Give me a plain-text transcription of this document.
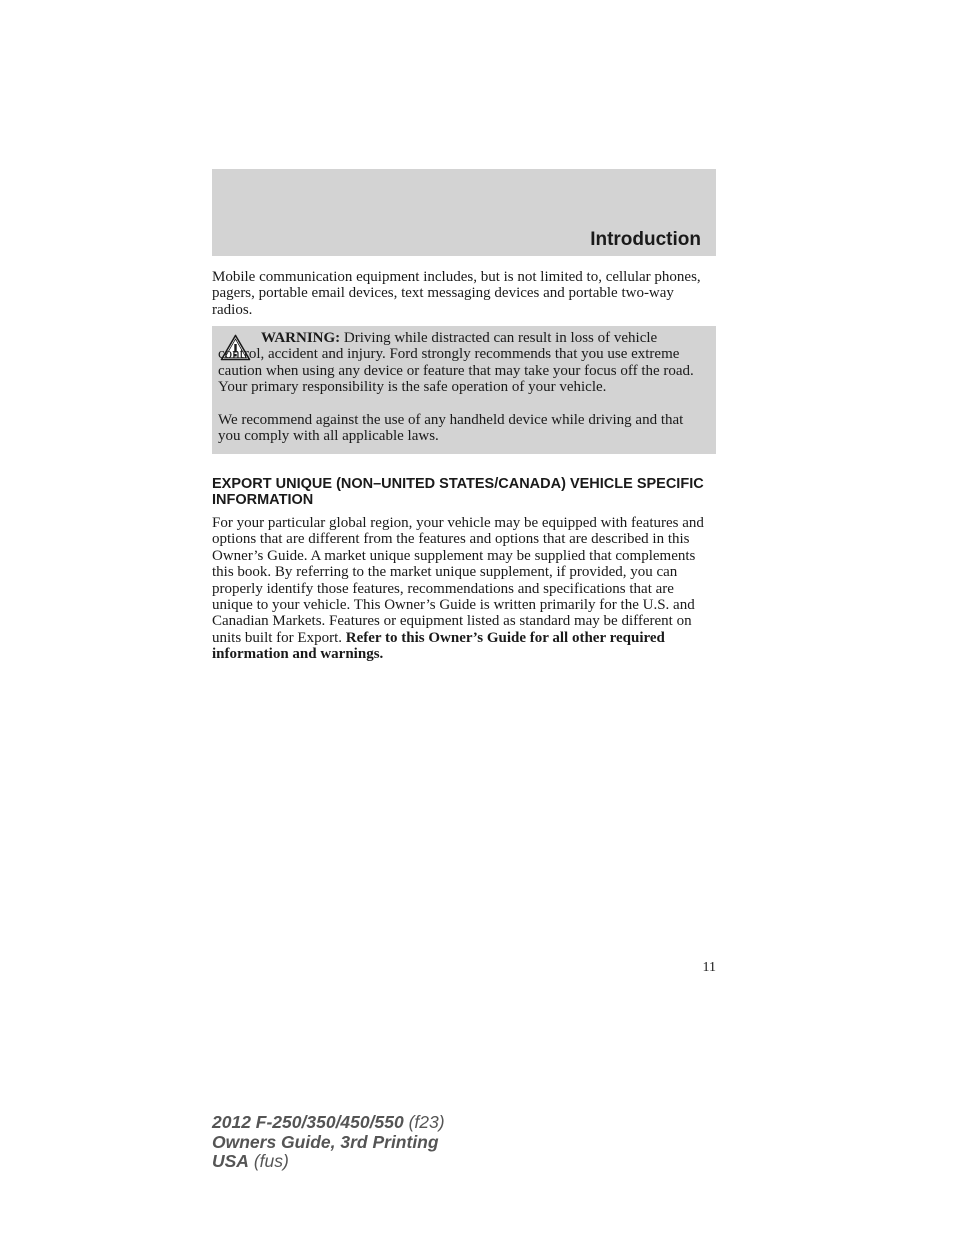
Introduction

Mobile communication equipment includes, but is not limited to, cellular phones, pagers, portable email devices, text messaging devices and portable two-way radios.

WARNING: Driving while distracted can result in loss of vehicle control, accident and injury. Ford strongly recommends that you use extreme caution when using any device or feature that may take your focus off the road. Your primary responsibility is the safe operation of your vehicle.

We recommend against the use of any handheld device while driving and that you comply with all applicable laws.

EXPORT UNIQUE (NON–UNITED STATES/CANADA) VEHICLE SPECIFIC INFORMATION

For your particular global region, your vehicle may be equipped with features and options that are different from the features and options that are described in this Owner’s Guide. A market unique supplement may be supplied that complements this book. By referring to the market unique supplement, if provided, you can properly identify those features, recommendations and specifications that are unique to your vehicle. This Owner’s Guide is written primarily for the U.S. and Canadian Markets. Features or equipment listed as standard may be different on units built for Export. Refer to this Owner’s Guide for all other required information and warnings.

11
2012 F-250/350/450/550 (f23)
Owners Guide, 3rd Printing
USA (fus)
